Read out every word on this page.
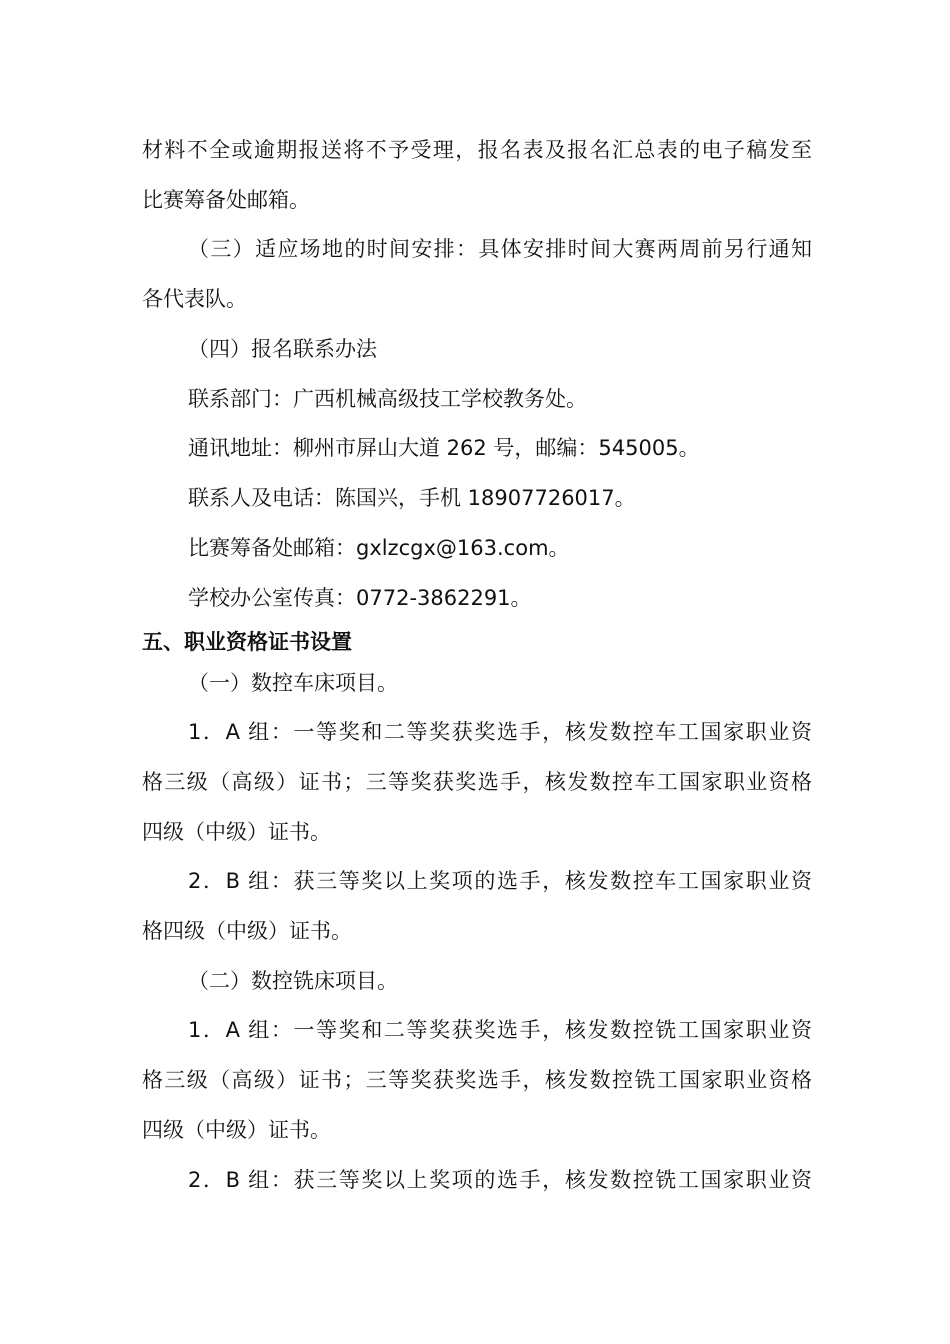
材料不全或逾期报送将不予受理，报名表及报名汇总表的电子稿发至
比赛筹备处邮箱。
（三）适应场地的时间安排：具体安排时间大赛两周前另行通知
各代表队。
（四）报名联系办法
联系部门：广西机械高级技工学校教务处。
通讯地址：柳州市屏山大道 262 号，邮编：545005。
联系人及电话：陈国兴，手机 18907726017。
比赛筹备处邮箱：gxlzcgx@163.com。
学校办公室传真：0772-3862291。
五、职业资格证书设置
（一）数控车床项目。
1．A 组：一等奖和二等奖获奖选手，核发数控车工国家职业资
格三级（高级）证书；三等奖获奖选手，核发数控车工国家职业资格
四级（中级）证书。
2．B 组：获三等奖以上奖项的选手，核发数控车工国家职业资
格四级（中级）证书。
（二）数控铣床项目。
1．A 组：一等奖和二等奖获奖选手，核发数控铣工国家职业资
格三级（高级）证书；三等奖获奖选手，核发数控铣工国家职业资格
四级（中级）证书。
2．B 组：获三等奖以上奖项的选手，核发数控铣工国家职业资
